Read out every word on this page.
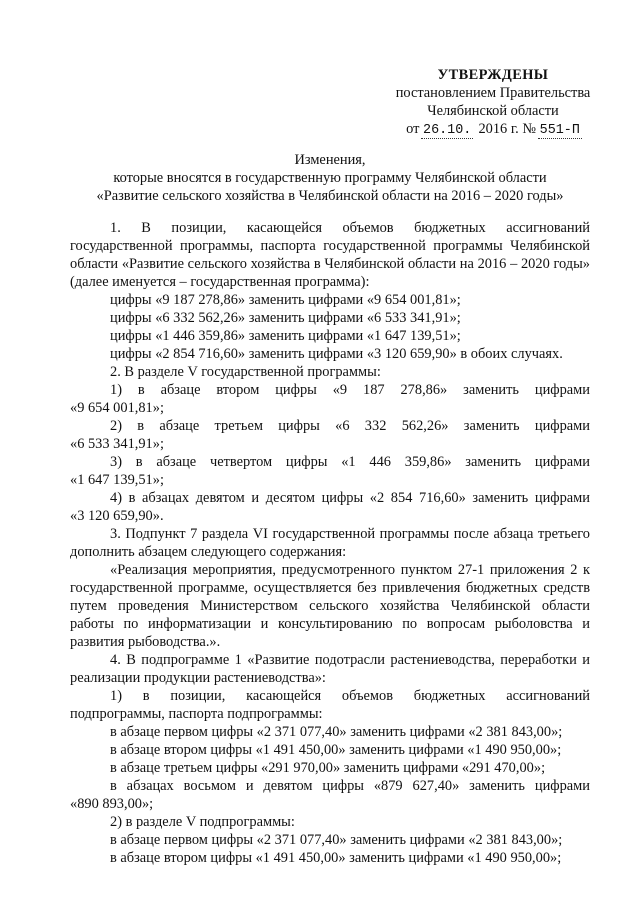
УТВЕРЖДЕНЫ
постановлением Правительства
Челябинской области
от 26.10. 2016 г. № 551-П
Изменения,
которые вносятся в государственную программу Челябинской области
«Развитие сельского хозяйства в Челябинской области на 2016 – 2020 годы»
1. В позиции, касающейся объемов бюджетных ассигнований государственной программы, паспорта государственной программы Челябинской области «Развитие сельского хозяйства в Челябинской области на 2016 – 2020 годы» (далее именуется – государственная программа):
цифры «9 187 278,86» заменить цифрами «9 654 001,81»;
цифры «6 332 562,26» заменить цифрами «6 533 341,91»;
цифры «1 446 359,86» заменить цифрами «1 647 139,51»;
цифры «2 854 716,60» заменить цифрами «3 120 659,90» в обоих случаях.
2. В разделе V государственной программы:
1) в абзаце втором цифры «9 187 278,86» заменить цифрами
«9 654 001,81»;
2) в абзаце третьем цифры «6 332 562,26» заменить цифрами
«6 533 341,91»;
3) в абзаце четвертом цифры «1 446 359,86» заменить цифрами
«1 647 139,51»;
4) в абзацах девятом и десятом цифры «2 854 716,60» заменить цифрами
«3 120 659,90».
3. Подпункт 7 раздела VI государственной программы после абзаца третьего дополнить абзацем следующего содержания:
«Реализация мероприятия, предусмотренного пунктом 27-1 приложения 2 к государственной программе, осуществляется без привлечения бюджетных средств путем проведения Министерством сельского хозяйства Челябинской области работы по информатизации и консультированию по вопросам рыболовства и развития рыбоводства.».
4. В подпрограмме 1 «Развитие подотрасли растениеводства, переработки и реализации продукции растениеводства»:
1) в позиции, касающейся объемов бюджетных ассигнований
подпрограммы, паспорта подпрограммы:
в абзаце первом цифры «2 371 077,40» заменить цифрами «2 381 843,00»;
в абзаце втором цифры «1 491 450,00» заменить цифрами «1 490 950,00»;
в абзаце третьем цифры «291 970,00» заменить цифрами «291 470,00»;
в абзацах восьмом и девятом цифры «879 627,40» заменить цифрами
«890 893,00»;
2) в разделе V подпрограммы:
в абзаце первом цифры «2 371 077,40» заменить цифрами «2 381 843,00»;
в абзаце втором цифры «1 491 450,00» заменить цифрами «1 490 950,00»;
